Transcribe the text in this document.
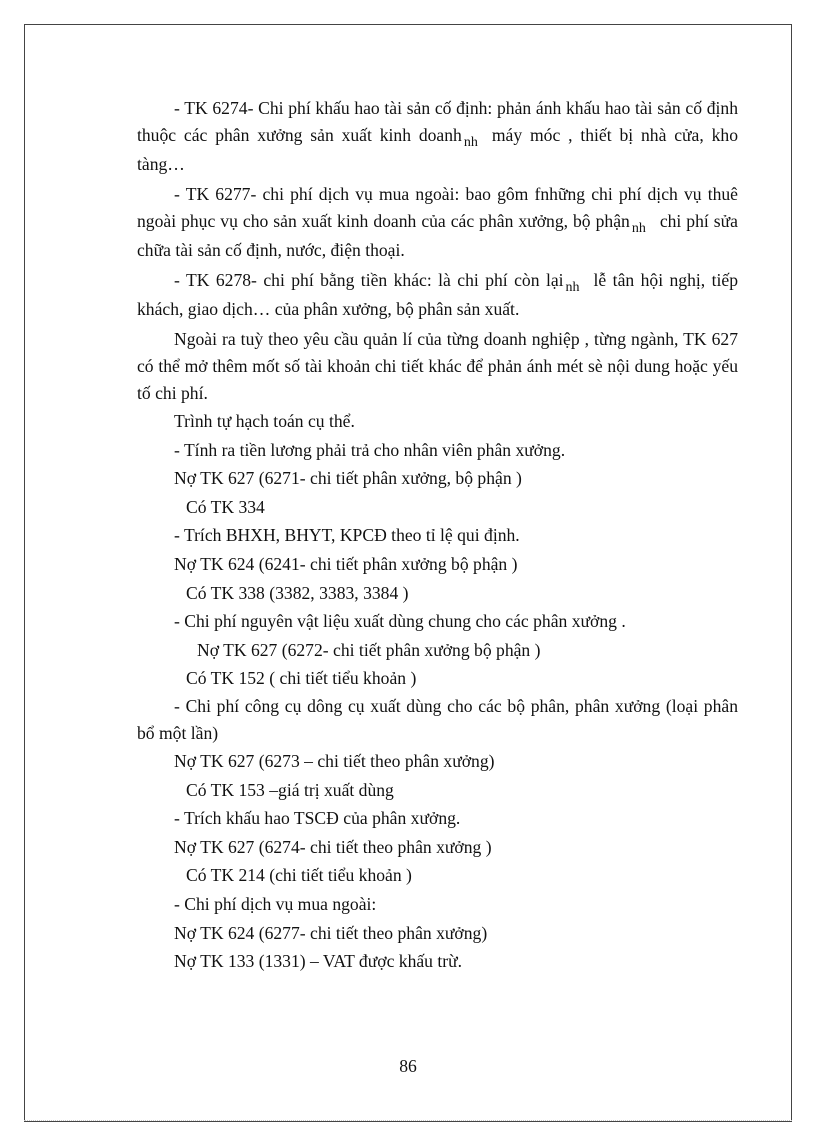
- TK 6274- Chi phí khấu hao tài sản cố định: phản ánh khấu hao tài sản cố định thuộc các phân xưởng sản xuất kinh doanh $_{nh}$ máy móc , thiết bị nhà cửa, kho tàng…

- TK 6277- chi phí dịch vụ mua ngoài: bao gôm fnhững chi phí dịch vụ thuê ngoài phục vụ cho sản xuất kinh doanh của các phân xưởng, bộ phận $_{nh}$ chi phí sửa chữa tài sản cố định, nước, điện thoại.

- TK 6278- chi phí bằng tiền khác: là chi phí còn lại $_{nh}$ lễ tân hội nghị, tiếp khách, giao dịch… của phân xưởng, bộ phân sản xuất.

Ngoài ra tuỳ theo yêu cầu quản lí của từng doanh nghiệp , từng ngành, TK 627 có thể mở thêm mốt số tài khoản chi tiết khác để phản ánh mét sè nội dung hoặc yếu tố chi phí.

Trình tự hạch toán cụ thể.

- Tính ra tiền lương phải trả cho nhân viên phân xưởng.

Nợ TK 627 (6271- chi tiết phân xưởng, bộ phận )

Có TK 334

- Trích BHXH, BHYT, KPCĐ theo tỉ lệ qui định.

Nợ TK 624 (6241- chi tiết phân xưởng bộ phận )

Có TK 338 (3382, 3383, 3384 )

- Chi phí nguyên vật liệu xuất dùng chung cho các phân xưởng .

Nợ TK 627 (6272- chi tiết phân xưởng bộ phận )

Có TK 152 ( chi tiết tiểu khoản )

- Chi phí công cụ dông cụ xuất dùng cho các bộ phân, phân xưởng (loại phân bổ một lần)

Nợ TK 627 (6273 – chi tiết theo phân xưởng)

Có TK 153 –giá trị xuất dùng

- Trích khấu hao TSCĐ của phân xưởng.

Nợ TK 627 (6274- chi tiết theo phân xưởng )

Có TK 214 (chi tiết tiểu khoản )

- Chi phí dịch vụ mua ngoài:

Nợ TK 624 (6277- chi tiết theo phân xưởng)

Nợ TK 133 (1331) – VAT được khấu trừ.

86
